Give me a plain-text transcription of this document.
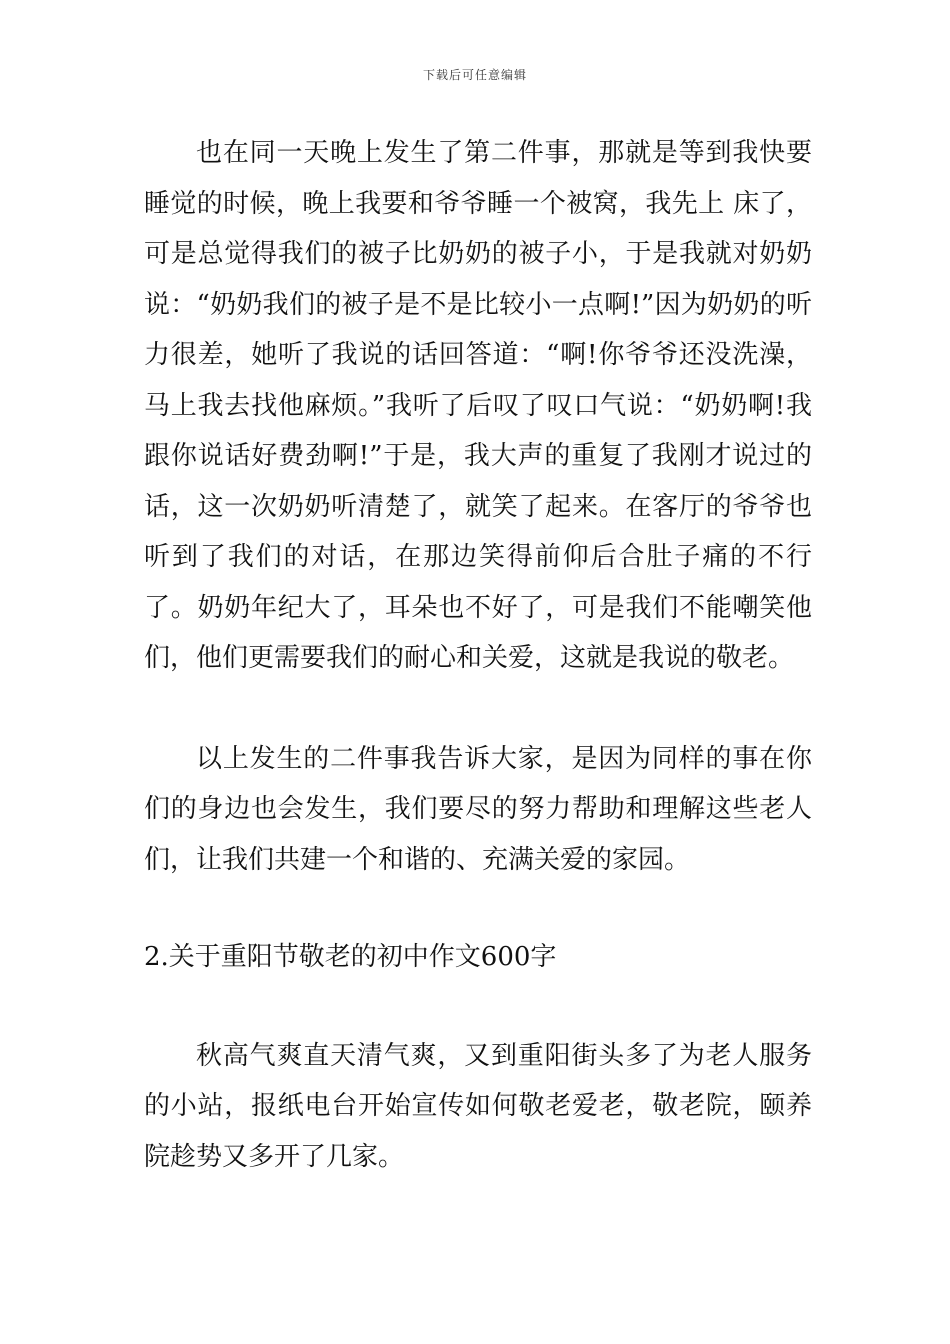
下载后可任意编辑

也在同一天晚上发生了第二件事，那就是等到我快要睡觉的时候，晚上我要和爷爷睡一个被窝，我先上 床了，可是总觉得我们的被子比奶奶的被子小，于是我就对奶奶说：“奶奶我们的被子是不是比较小一点啊!”因为奶奶的听力很差，她听了我说的话回答道：“啊!你爷爷还没洗澡，马上我去找他麻烦。”我听了后叹了叹口气说：“奶奶啊!我跟你说话好费劲啊!”于是，我大声的重复了我刚才说过的话，这一次奶奶听清楚了，就笑了起来。在客厅的爷爷也听到了我们的对话，在那边笑得前仰后合肚子痛的不行了。奶奶年纪大了，耳朵也不好了，可是我们不能嘲笑他们，他们更需要我们的耐心和关爱，这就是我说的敬老。

以上发生的二件事我告诉大家，是因为同样的事在你们的身边也会发生，我们要尽的努力帮助和理解这些老人们，让我们共建一个和谐的、充满关爱的家园。

2.关于重阳节敬老的初中作文600字

秋高气爽直天清气爽，又到重阳街头多了为老人服务的小站，报纸电台开始宣传如何敬老爱老，敬老院，颐养院趁势又多开了几家。
